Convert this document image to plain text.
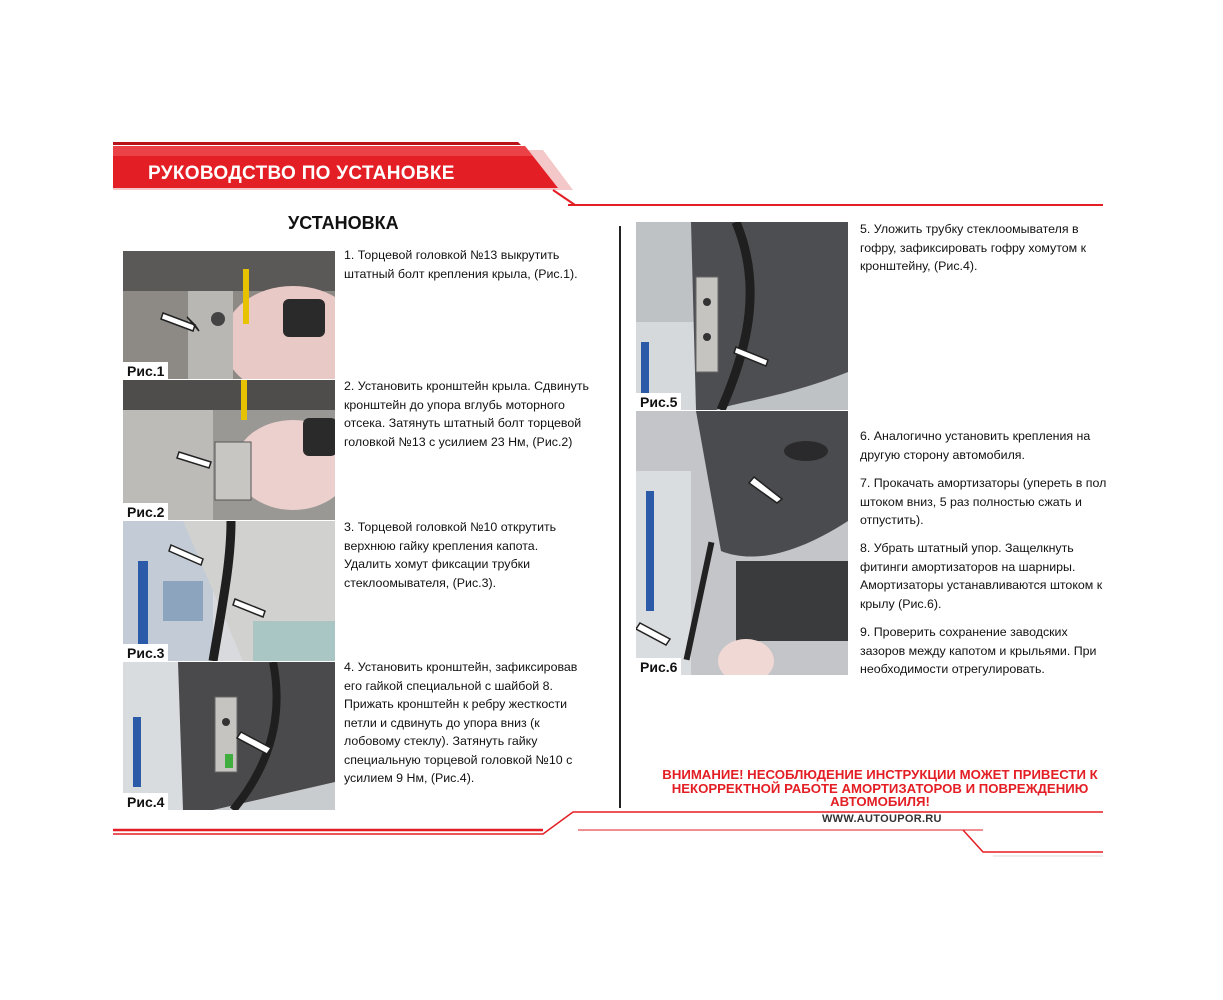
РУКОВОДСТВО ПО УСТАНОВКЕ
УСТАНОВКА
Рис.1
Рис.2
Рис.3
Рис.4
Рис.5
Рис.6
1. Торцевой головкой №13 выкрутить
штатный болт крепления крыла, (Рис.1).
2. Установить кронштейн крыла. Сдвинуть
кронштейн до упора вглубь моторного
отсека. Затянуть штатный болт торцевой
головкой №13 с усилием 23 Нм, (Рис.2)
3. Торцевой головкой №10 открутить
верхнюю гайку крепления капота.
Удалить хомут фиксации трубки
стеклоомывателя, (Рис.3).
4. Установить кронштейн, зафиксировав
его гайкой специальной с шайбой 8.
Прижать кронштейн к ребру жесткости
петли и сдвинуть до упора вниз (к
лобовому стеклу). Затянуть гайку
специальную торцевой головкой №10 с
усилием 9 Нм, (Рис.4).
5. Уложить трубку стеклоомывателя в
гофру, зафиксировать гофру хомутом к
кронштейну, (Рис.4).
6. Аналогично установить крепления на
другую сторону автомобиля.
7. Прокачать амортизаторы (упереть в пол
штоком вниз, 5 раз полностью сжать и
отпустить).
8. Убрать штатный упор. Защелкнуть
фитинги амортизаторов на шарниры.
Амортизаторы устанавливаются штоком к
крылу (Рис.6).
9. Проверить сохранение заводских
зазоров между капотом и крыльями. При
необходимости отрегулировать.
ВНИМАНИЕ! НЕСОБЛЮДЕНИЕ ИНСТРУКЦИИ МОЖЕТ ПРИВЕСТИ К
НЕКОРРЕКТНОЙ РАБОТЕ АМОРТИЗАТОРОВ И ПОВРЕЖДЕНИЮ
АВТОМОБИЛЯ!
WWW.AUTOUPOR.RU
